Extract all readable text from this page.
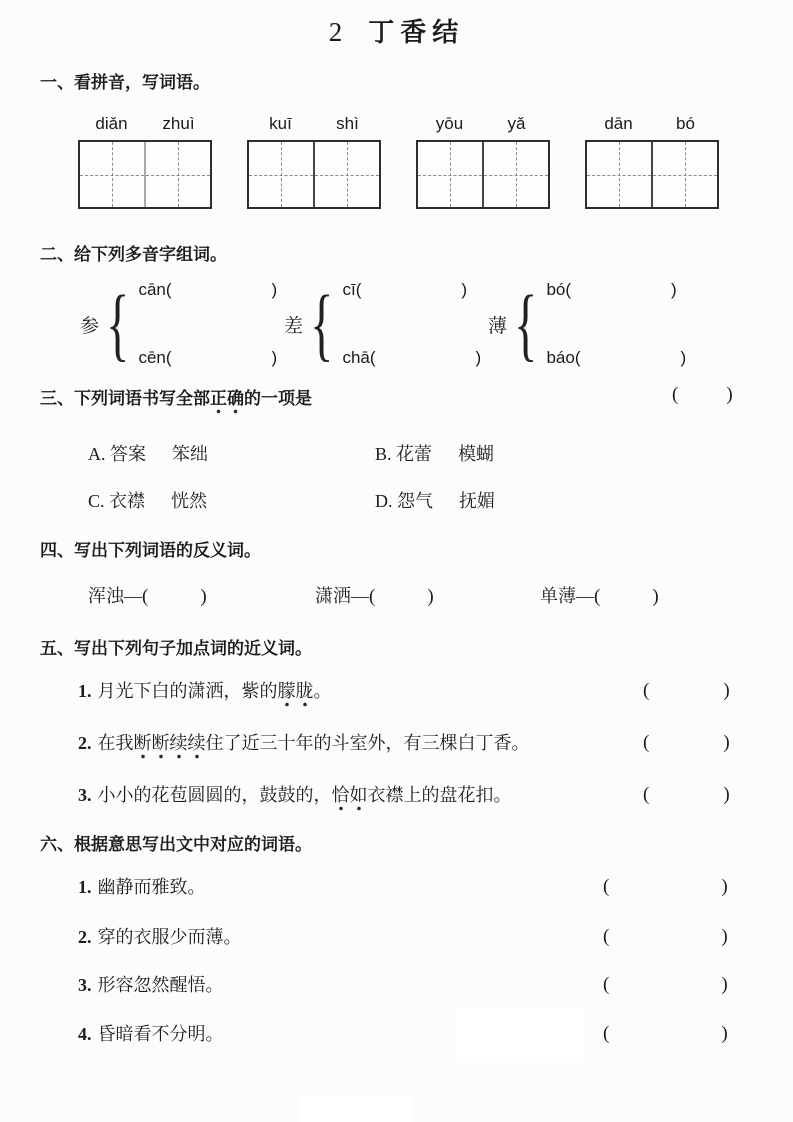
2 丁香结
一、看拼音，写词语。
diǎn	zhuì	kuī	shì	yōu	yǎ	dān	bó
二、给下列多音字组词。
参 { cān(	)
cēn(	)
差 { cī(	)
chā(	)
薄 { bó(	)
báo(	)
三、下列词语书写全部正确的一项是	(	)
A. 答案 笨绌	B. 花蕾 模蝴
C. 衣襟 恍然	D. 怨气 抚媚
四、写出下列词语的反义词。
浑浊—(	)	潇洒—(	)	单薄—(	)
五、写出下列句子加点词的近义词。
1. 月光下白的潇洒，紫的朦胧。	(	)
2. 在我断断续续住了近三十年的斗室外，有三棵白丁香。	(	)
3. 小小的花苞圆圆的，鼓鼓的，恰如衣襟上的盘花扣。	(	)
六、根据意思写出文中对应的词语。
1. 幽静而雅致。	(	)
2. 穿的衣服少而薄。	(	)
3. 形容忽然醒悟。	(	)
4. 昏暗看不分明。	(	)
